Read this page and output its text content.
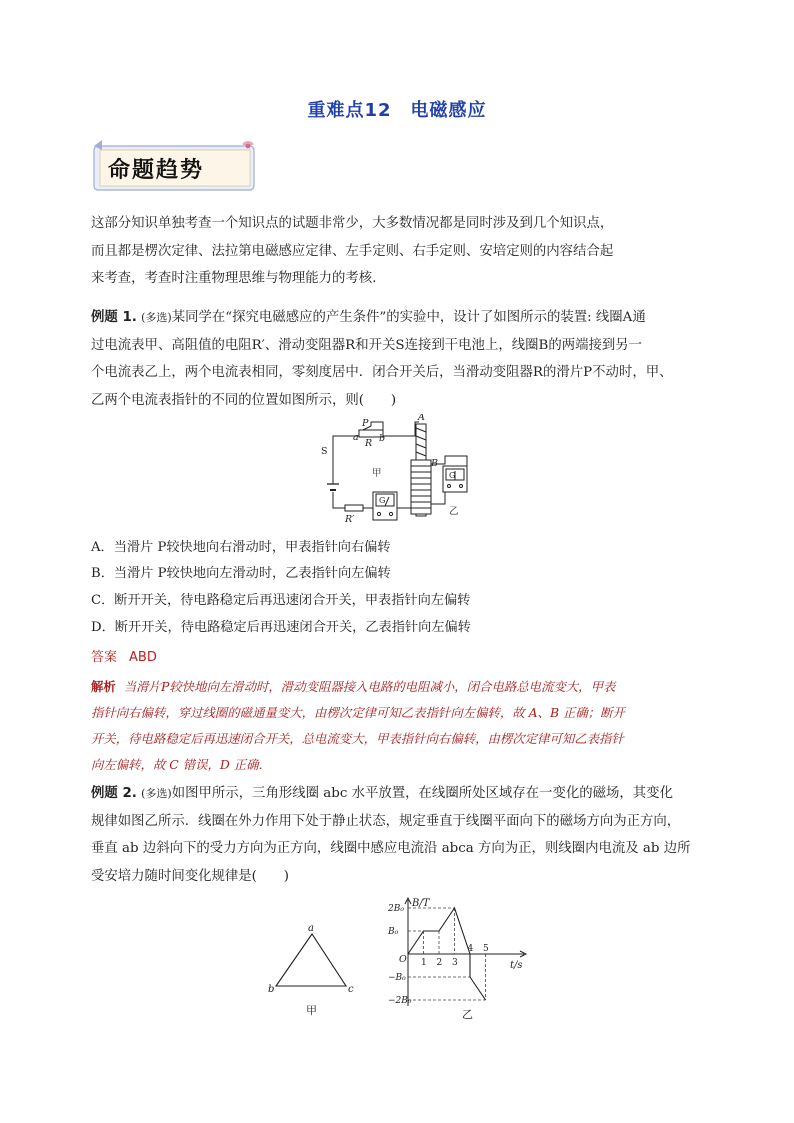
重难点12　电磁感应
命题趋势

这部分知识单独考查一个知识点的试题非常少，大多数情况都是同时涉及到几个知识点，

而且都是楞次定律、法拉第电磁感应定律、左手定则、右手定则、安培定则的内容结合起

来考查，考查时注重物理思维与物理能力的考核．

例题 1. (多选)某同学在“探究电磁感应的产生条件”的实验中，设计了如图所示的装置: 线圈A通

过电流表甲、高阻值的电阻R′、滑动变阻器R和开关S连接到干电池上，线圈B的两端接到另一

个电流表乙上，两个电流表相同，零刻度居中．闭合开关后，当滑动变阻器R的滑片P不动时，甲、

乙两个电流表指针的不同的位置如图所示，则(　　)

P
a
R b
A
S
甲
G
G
B
R′
乙
A．当滑片 P较快地向右滑动时，甲表指针向右偏转
B．当滑片 P较快地向左滑动时，乙表指针向左偏转
C．断开开关，待电路稳定后再迅速闭合开关，甲表指针向左偏转
D．断开开关，待电路稳定后再迅速闭合开关，乙表指针向左偏转
答案 ABD
解析 当滑片P较快地向左滑动时，滑动变阻器接入电路的电阻减小，闭合电路总电流变大，甲表
指针向右偏转，穿过线圈的磁通量变大，由楞次定律可知乙表指针向左偏转，故 A、B 正确；断开
开关，待电路稳定后再迅速闭合开关，总电流变大，甲表指针向右偏转，由楞次定律可知乙表指针
向左偏转，故 C 错误，D 正确．

例题 2. (多选)如图甲所示，三角形线圈 abc 水平放置，在线圈所处区域存在一变化的磁场，其变化

规律如图乙所示．线圈在外力作用下处于静止状态，规定垂直于线圈平面向下的磁场方向为正方向，

垂直 ab 边斜向下的受力方向为正方向，线圈中感应电流沿 abca 方向为正，则线圈内电流及 ab 边所

受安培力随时间变化规律是(　　)

a
b	c
甲
2B₀
B₀
−B₀
−2B₀
1 2 3
4 5
B/T
t/s
O
乙
